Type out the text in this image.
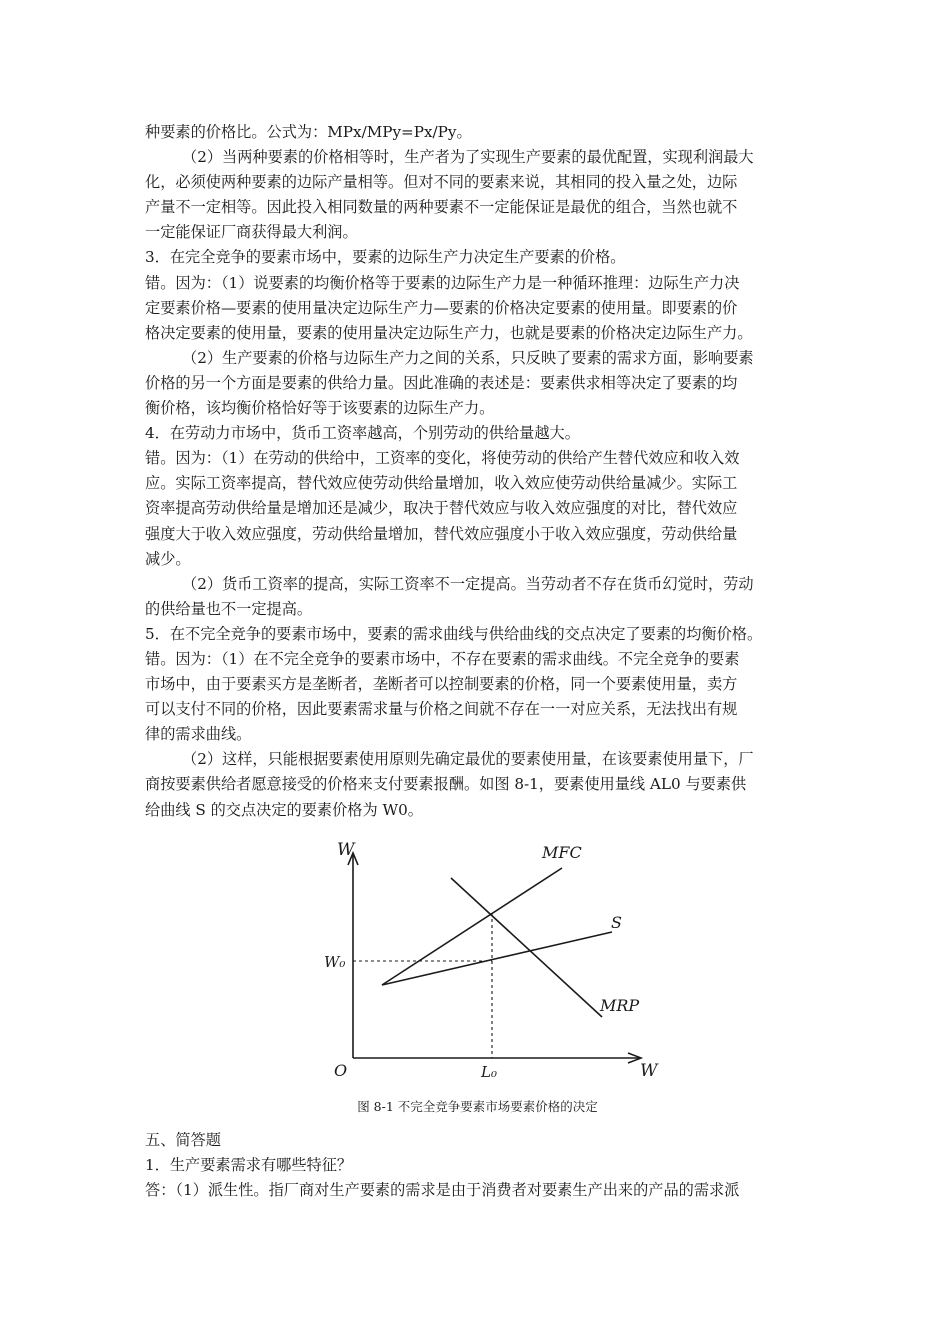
种要素的价格比。公式为：MPx/MPy=Px/Py。
（2）当两种要素的价格相等时，生产者为了实现生产要素的最优配置，实现利润最大
化，必须使两种要素的边际产量相等。但对不同的要素来说，其相同的投入量之处，边际
产量不一定相等。因此投入相同数量的两种要素不一定能保证是最优的组合，当然也就不
一定能保证厂商获得最大利润。
3．在完全竞争的要素市场中，要素的边际生产力决定生产要素的价格。
错。因为：（1）说要素的均衡价格等于要素的边际生产力是一种循环推理：边际生产力决
定要素价格—要素的使用量决定边际生产力—要素的价格决定要素的使用量。即要素的价
格决定要素的使用量，要素的使用量决定边际生产力，也就是要素的价格决定边际生产力。
（2）生产要素的价格与边际生产力之间的关系，只反映了要素的需求方面，影响要素
价格的另一个方面是要素的供给力量。因此准确的表述是：要素供求相等决定了要素的均
衡价格，该均衡价格恰好等于该要素的边际生产力。
4．在劳动力市场中，货币工资率越高，个别劳动的供给量越大。
错。因为：（1）在劳动的供给中，工资率的变化，将使劳动的供给产生替代效应和收入效
应。实际工资率提高，替代效应使劳动供给量增加，收入效应使劳动供给量减少。实际工
资率提高劳动供给量是增加还是减少，取决于替代效应与收入效应强度的对比，替代效应
强度大于收入效应强度，劳动供给量增加，替代效应强度小于收入效应强度，劳动供给量
减少。
（2）货币工资率的提高，实际工资率不一定提高。当劳动者不存在货币幻觉时，劳动
的供给量也不一定提高。
5．在不完全竞争的要素市场中，要素的需求曲线与供给曲线的交点决定了要素的均衡价格。
错。因为：（1）在不完全竞争的要素市场中，不存在要素的需求曲线。不完全竞争的要素
市场中，由于要素买方是垄断者，垄断者可以控制要素的价格，同一个要素使用量，卖方
可以支付不同的价格，因此要素需求量与价格之间就不存在一一对应关系，无法找出有规
律的需求曲线。
（2）这样，只能根据要素使用原则先确定最优的要素使用量，在该要素使用量下，厂
商按要素供给者愿意接受的价格来支付要素报酬。如图 8-1，要素使用量线 AL0 与要素供
给曲线 S 的交点决定的要素价格为 W0。
W
W
O
W₀
L₀
MFC
S
MRP
图 8-1 不完全竞争要素市场要素价格的决定
五、简答题
1．生产要素需求有哪些特征？
答：（1）派生性。指厂商对生产要素的需求是由于消费者对要素生产出来的产品的需求派
